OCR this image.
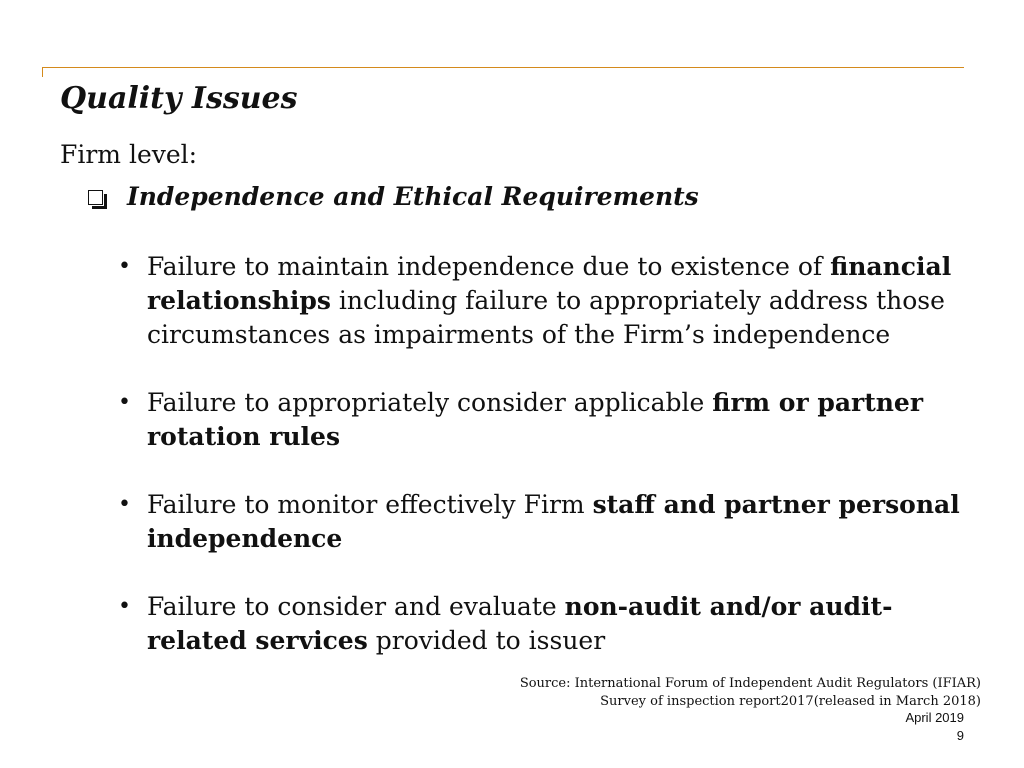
Quality Issues
Firm level:
Independence and Ethical Requirements
• Failure to maintain independence due to existence of financial relationships including failure to appropriately address those circumstances as impairments of the Firm’s independence
• Failure to appropriately consider applicable firm or partner rotation rules
• Failure to monitor effectively Firm staff and partner personal independence
• Failure to consider and evaluate non-audit and/or audit-related services provided to issuer
Source: International Forum of Independent Audit Regulators (IFIAR)
Survey of inspection report2017(released in March 2018)
April 2019
9
